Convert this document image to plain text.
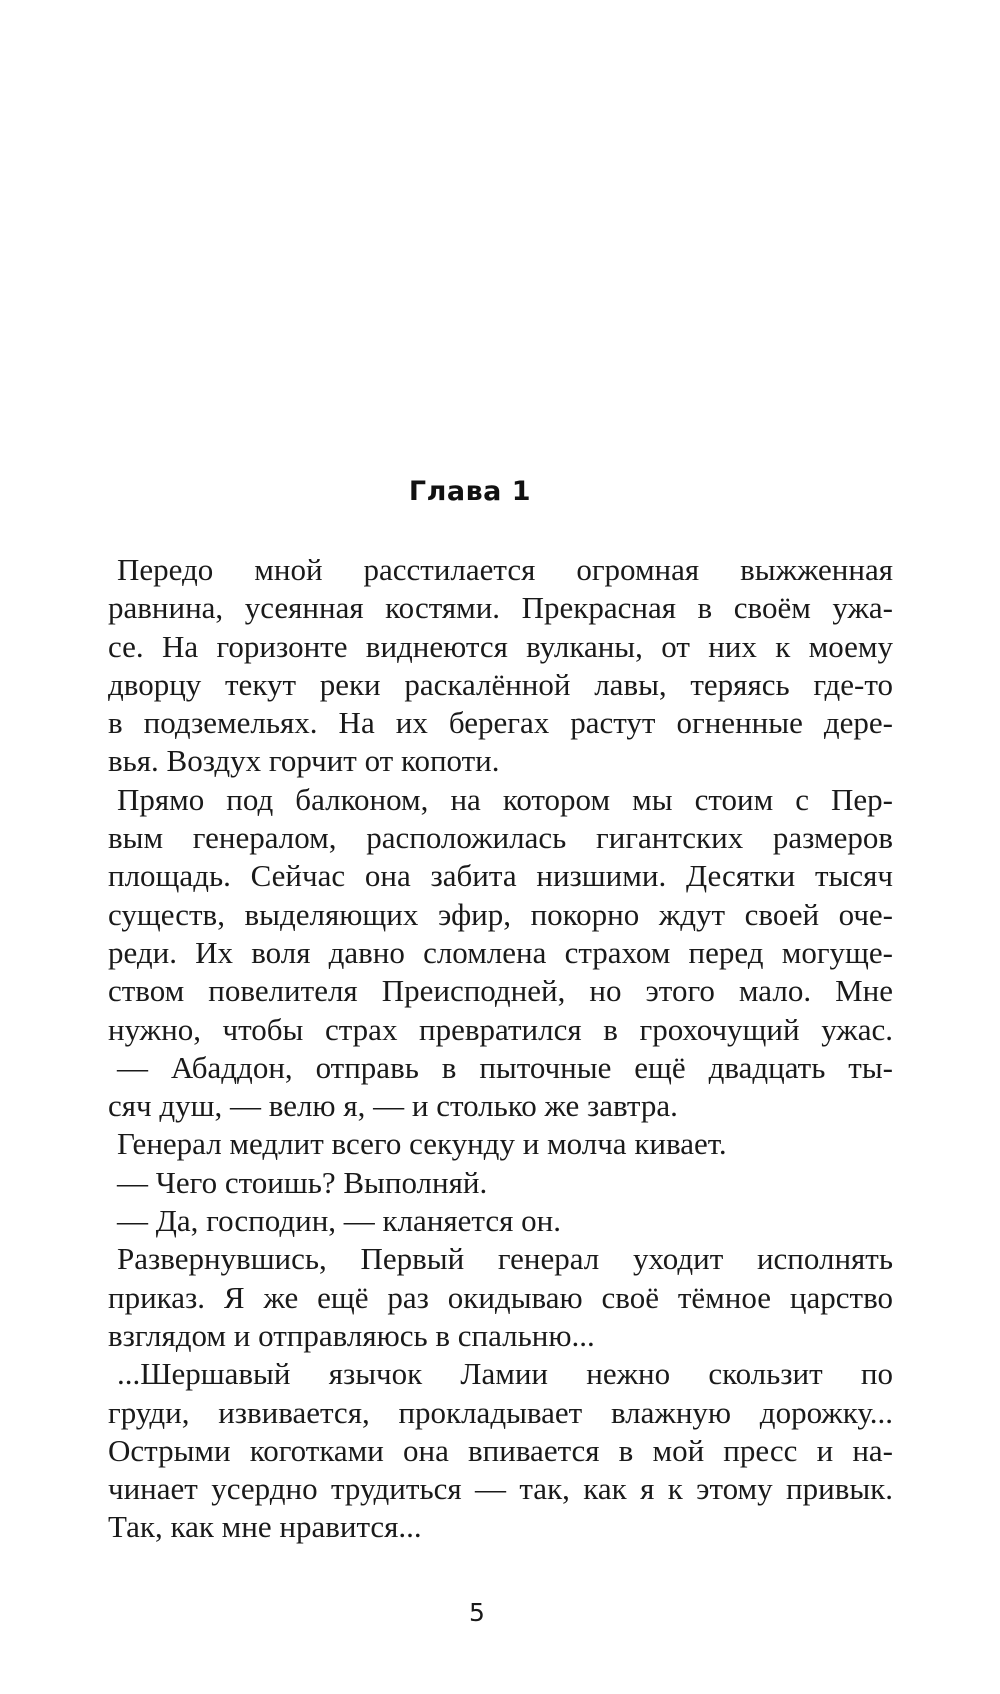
Глава 1
Передо мной расстилается огромная выжженная
равнина, усеянная костями. Прекрасная в своём ужа-
се. На горизонте виднеются вулканы, от них к моему
дворцу текут реки раскалённой лавы, теряясь где-то
в подземельях. На их берегах растут огненные дере-
вья. Воздух горчит от копоти.
Прямо под балконом, на котором мы стоим с Пер-
вым генералом, расположилась гигантских размеров
площадь. Сейчас она забита низшими. Десятки тысяч
существ, выделяющих эфир, покорно ждут своей оче-
реди. Их воля давно сломлена страхом перед могуще-
ством повелителя Преисподней, но этого мало. Мне
нужно, чтобы страх превратился в грохочущий ужас.
— Абаддон, отправь в пыточные ещё двадцать ты-
сяч душ, — велю я, — и столько же завтра.
Генерал медлит всего секунду и молча кивает.
— Чего стоишь? Выполняй.
— Да, господин, — кланяется он.
Развернувшись, Первый генерал уходит исполнять
приказ. Я же ещё раз окидываю своё тёмное царство
взглядом и отправляюсь в спальню...
...Шершавый язычок Ламии нежно скользит по
груди, извивается, прокладывает влажную дорожку...
Острыми коготками она впивается в мой пресс и на-
чинает усердно трудиться — так, как я к этому привык.
Так, как мне нравится...
5
